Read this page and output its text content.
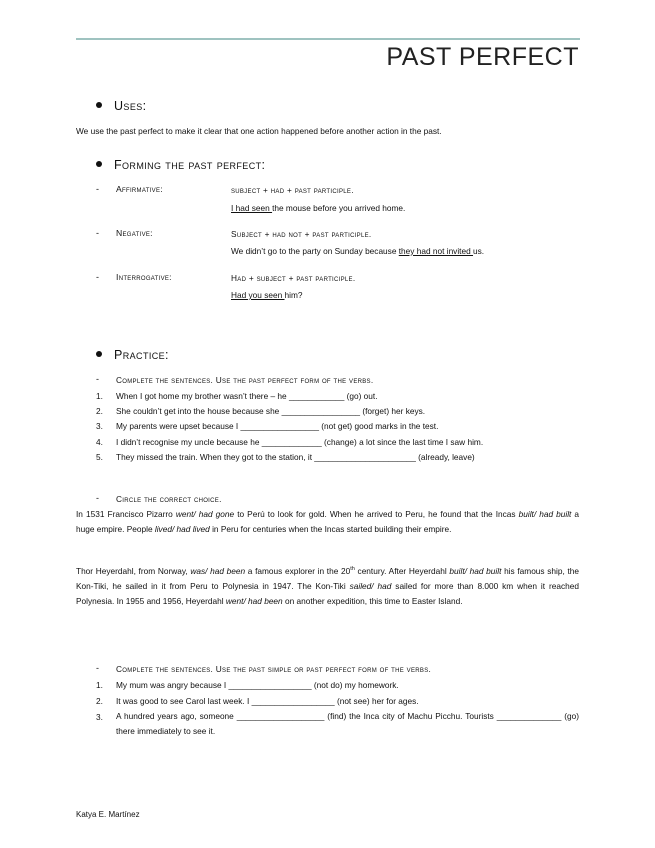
PAST PERFECT
Uses:
We use the past perfect to make it clear that one action happened before another action in the past.
Forming the past perfect:
- Affirmative:	subject + had + past participle.
I had seen the mouse before you arrived home.
- Negative:	Subject + had not + past participle.
We didn’t go to the party on Sunday because they had not invited us.
- Interrogative:	Had + subject + past participle.
Had you seen him?
Practice:
- Complete the sentences. Use the past perfect form of the verbs.
1. When I got home my brother wasn’t there – he ____________ (go) out.
2. She couldn’t get into the house because she _________________ (forget) her keys.
3. My parents were upset because I _________________ (not get) good marks in the test.
4. I didn’t recognise my uncle because he _____________ (change) a lot since the last time I saw him.
5. They missed the train. When they got to the station, it ______________________ (already, leave)
- Circle the correct choice.
In 1531 Francisco Pizarro went/ had gone to Perú to look for gold. When he arrived to Peru, he found that the Incas built/ had built a huge empire. People lived/ had lived in Peru for centuries when the Incas started building their empire.
Thor Heyerdahl, from Norway, was/ had been a famous explorer in the 20th century. After Heyerdahl built/ had built his famous ship, the Kon-Tiki, he sailed in it from Peru to Polynesia in 1947. The Kon-Tiki sailed/ had sailed for more than 8.000 km when it reached Polynesia. In 1955 and 1956, Heyerdahl went/ had been on another expedition, this time to Easter Island.
- Complete the sentences. Use the past simple or past perfect form of the verbs.
1. My mum was angry because I __________________ (not do) my homework.
2. It was good to see Carol last week. I __________________ (not see) her for ages.
3. A hundred years ago, someone ___________________ (find) the Inca city of Machu Picchu. Tourists ______________ (go) there immediately to see it.
Katya E. Martínez
